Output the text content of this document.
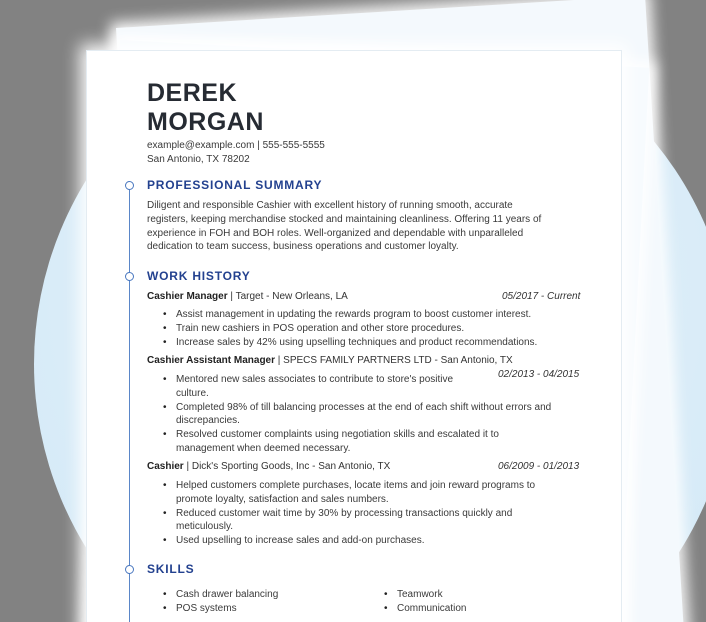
DEREK
MORGAN
example@example.com | 555-555-5555
San Antonio, TX 78202
PROFESSIONAL SUMMARY
Diligent and responsible Cashier with excellent history of running smooth, accurate
registers, keeping merchandise stocked and maintaining cleanliness. Offering 11 years of
experience in FOH and BOH roles. Well-organized and dependable with unparalleled
dedication to team success, business operations and customer loyalty.
WORK HISTORY
Cashier Manager | Target - New Orleans, LA	05/2017 - Current
• Assist management in updating the rewards program to boost customer interest.
• Train new cashiers in POS operation and other store procedures.
• Increase sales by 42% using upselling techniques and product recommendations.
Cashier Assistant Manager | SPECS FAMILY PARTNERS LTD - San Antonio, TX
02/2013 - 04/2015
• Mentored new sales associates to contribute to store's positive
culture.
• Completed 98% of till balancing processes at the end of each shift without errors and
discrepancies.
• Resolved customer complaints using negotiation skills and escalated it to
management when deemed necessary.
Cashier | Dick's Sporting Goods, Inc - San Antonio, TX	06/2009 - 01/2013
• Helped customers complete purchases, locate items and join reward programs to
promote loyalty, satisfaction and sales numbers.
• Reduced customer wait time by 30% by processing transactions quickly and
meticulously.
• Used upselling to increase sales and add-on purchases.
SKILLS
• Cash drawer balancing
• POS systems
• Teamwork
• Communication
